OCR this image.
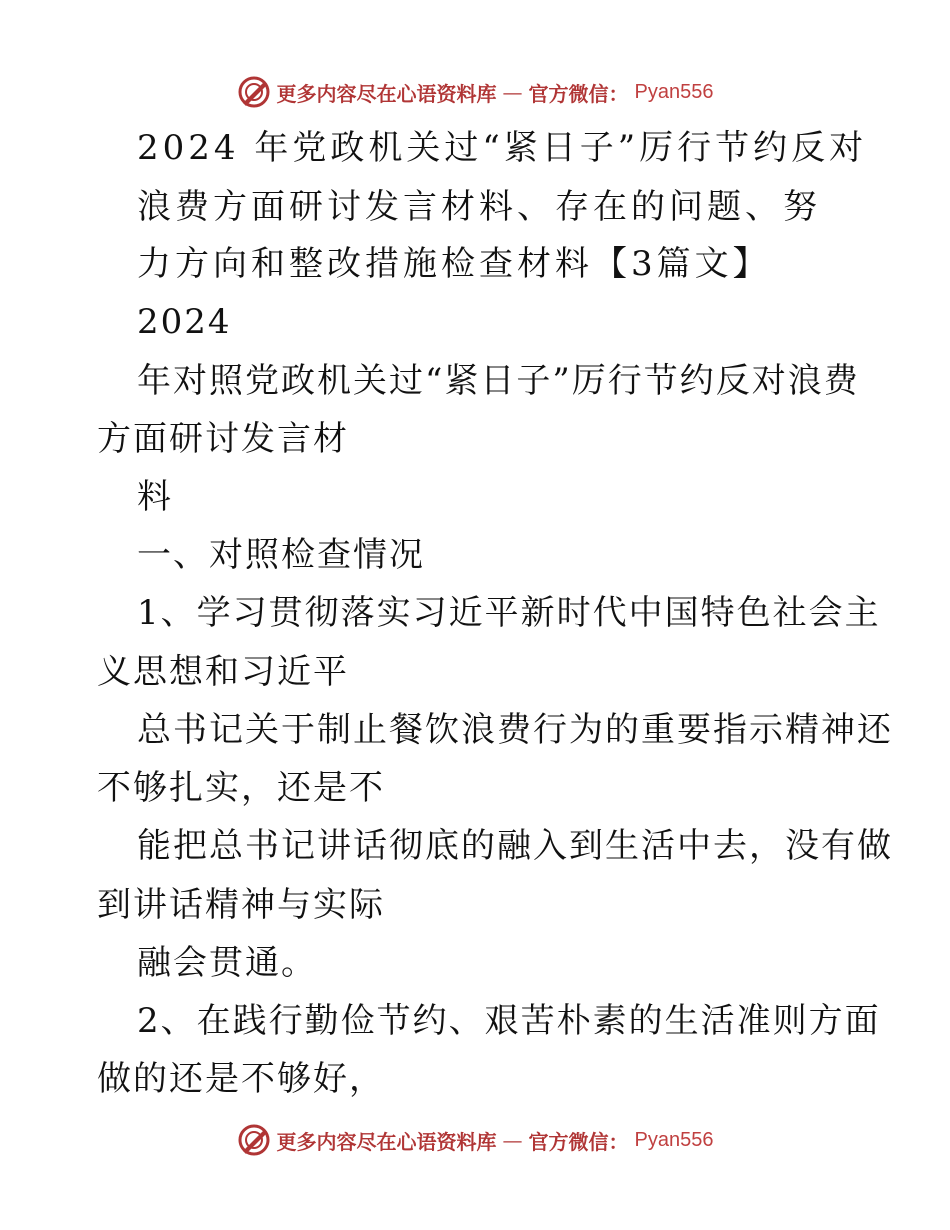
更多内容尽在心语资料库 — 官方微信： Pyan556
2024 年党政机关过“紧日子”厉行节约反对
浪费方面研讨发言材料、存在的问题、努
力方向和整改措施检查材料【3篇文】
2024
年对照党政机关过“紧日子”厉行节约反对浪费
方面研讨发言材
料
一、对照检查情况
1、学习贯彻落实习近平新时代中国特色社会主
义思想和习近平
总书记关于制止餐饮浪费行为的重要指示精神还
不够扎实，还是不
能把总书记讲话彻底的融入到生活中去，没有做
到讲话精神与实际
融会贯通。
2、在践行勤俭节约、艰苦朴素的生活准则方面
做的还是不够好，
更多内容尽在心语资料库 — 官方微信： Pyan556
